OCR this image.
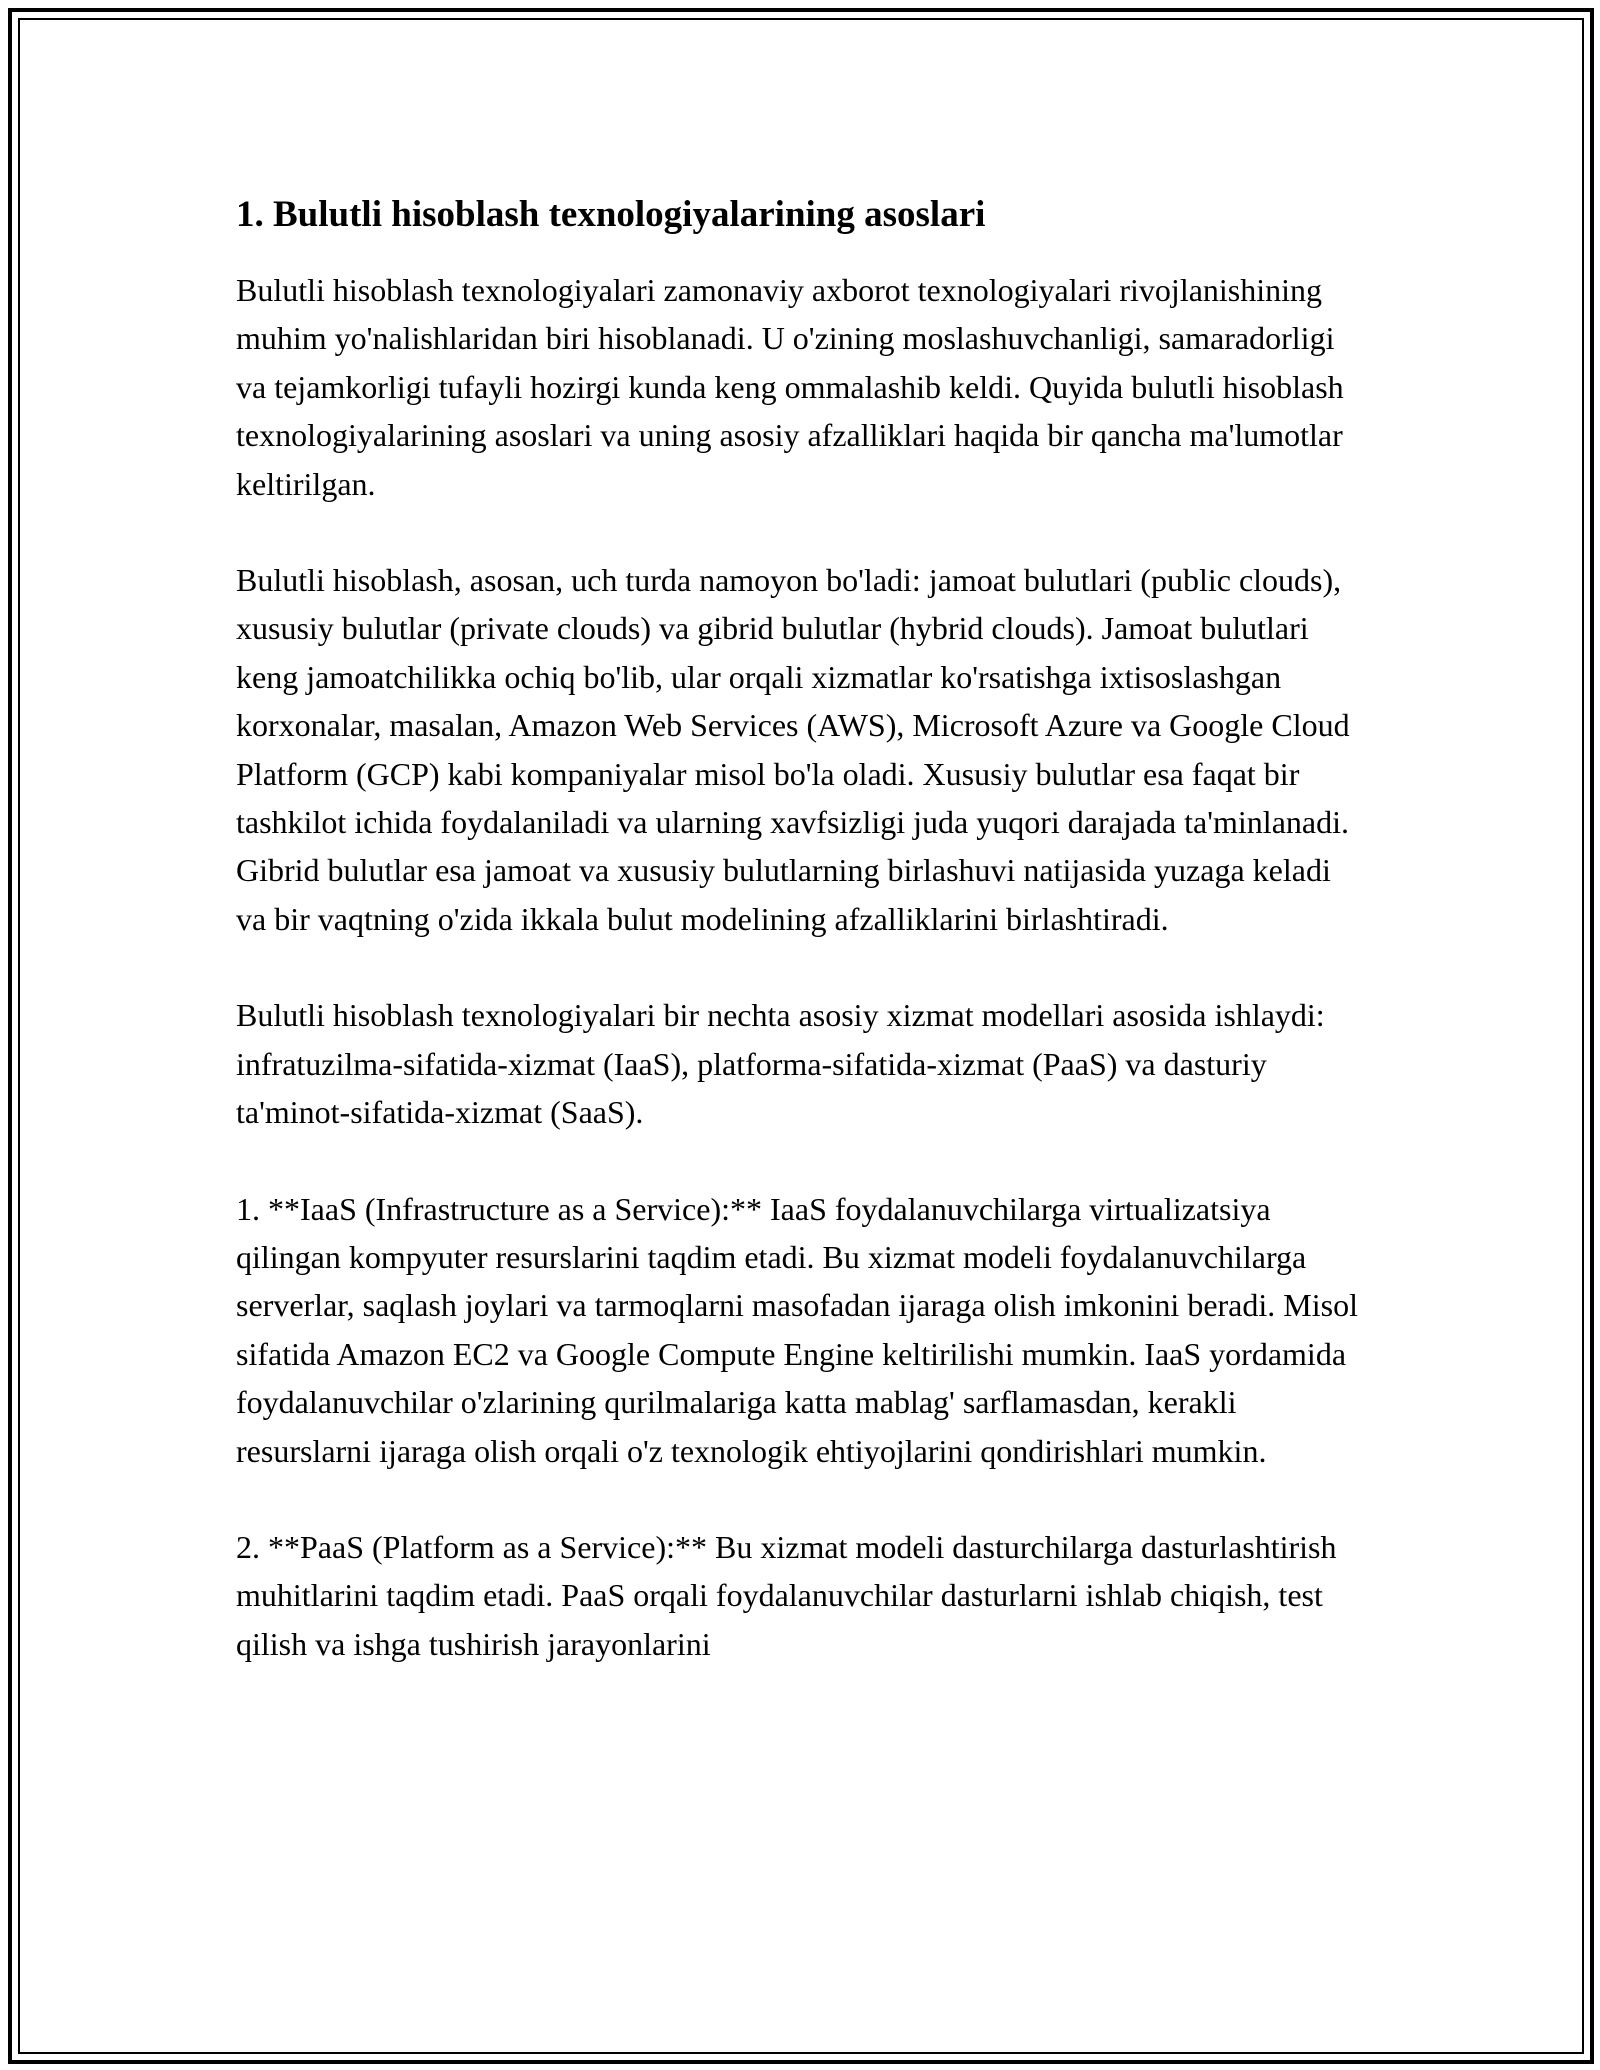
1. Bulutli hisoblash texnologiyalarining asoslari

Bulutli hisoblash texnologiyalari zamonaviy axborot texnologiyalari rivojlanishining muhim yo'nalishlaridan biri hisoblanadi. U o'zining moslashuvchanligi, samaradorligi va tejamkorligi tufayli hozirgi kunda keng ommalashib keldi. Quyida bulutli hisoblash texnologiyalarining asoslari va uning asosiy afzalliklari haqida bir qancha ma'lumotlar keltirilgan.

Bulutli hisoblash, asosan, uch turda namoyon bo'ladi: jamoat bulutlari (public clouds), xususiy bulutlar (private clouds) va gibrid bulutlar (hybrid clouds). Jamoat bulutlari keng jamoatchilikka ochiq bo'lib, ular orqali xizmatlar ko'rsatishga ixtisoslashgan korxonalar, masalan, Amazon Web Services (AWS), Microsoft Azure va Google Cloud Platform (GCP) kabi kompaniyalar misol bo'la oladi. Xususiy bulutlar esa faqat bir tashkilot ichida foydalaniladi va ularning xavfsizligi juda yuqori darajada ta'minlanadi. Gibrid bulutlar esa jamoat va xususiy bulutlarning birlashuvi natijasida yuzaga keladi va bir vaqtning o'zida ikkala bulut modelining afzalliklarini birlashtiradi.

Bulutli hisoblash texnologiyalari bir nechta asosiy xizmat modellari asosida ishlaydi: infratuzilma-sifatida-xizmat (IaaS), platforma-sifatida-xizmat (PaaS) va dasturiy ta'minot-sifatida-xizmat (SaaS).

1. **IaaS (Infrastructure as a Service):** IaaS foydalanuvchilarga virtualizatsiya qilingan kompyuter resurslarini taqdim etadi. Bu xizmat modeli foydalanuvchilarga serverlar, saqlash joylari va tarmoqlarni masofadan ijaraga olish imkonini beradi. Misol sifatida Amazon EC2 va Google Compute Engine keltirilishi mumkin. IaaS yordamida foydalanuvchilar o'zlarining qurilmalariga katta mablag' sarflamasdan, kerakli resurslarni ijaraga olish orqali o'z texnologik ehtiyojlarini qondirishlari mumkin.

2. **PaaS (Platform as a Service):** Bu xizmat modeli dasturchilarga dasturlashtirish muhitlarini taqdim etadi. PaaS orqali foydalanuvchilar dasturlarni ishlab chiqish, test qilish va ishga tushirish jarayonlarini
